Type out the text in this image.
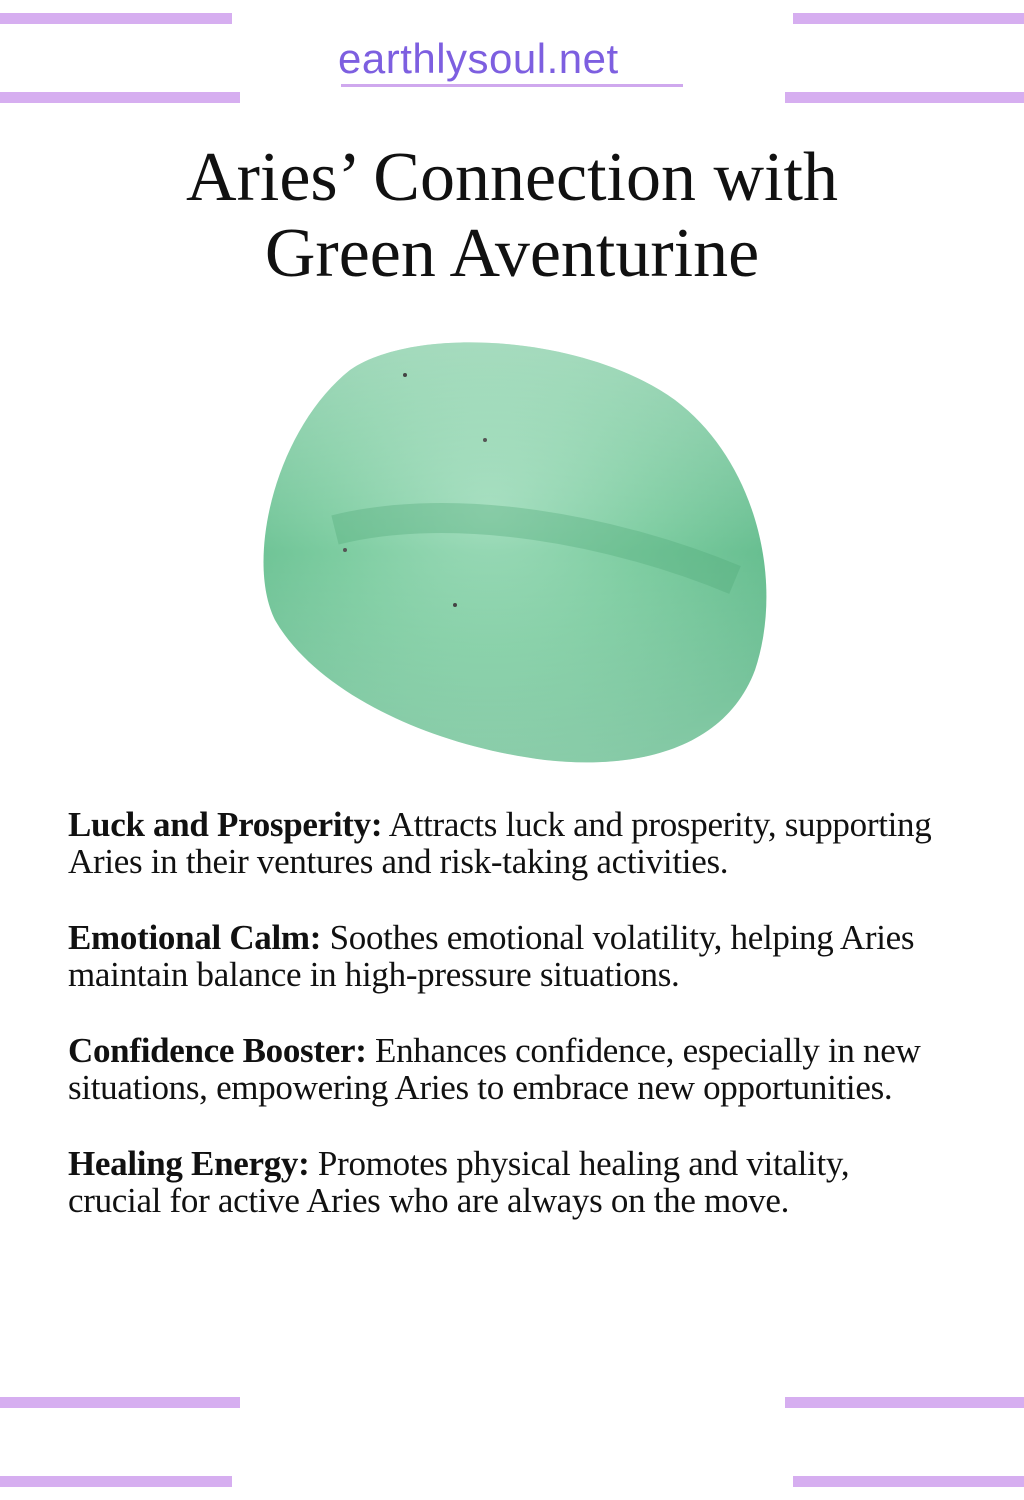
earthlysoul.net
Aries’ Connection with
Green Aventurine

Luck and Prosperity: Attracts luck and prosperity, supporting Aries in their ventures and risk-taking activities.

Emotional Calm: Soothes emotional volatility, helping Aries maintain balance in high-pressure situations.

Confidence Booster: Enhances confidence, especially in new situations, empowering Aries to embrace new opportunities.

Healing Energy: Promotes physical healing and vitality, crucial for active Aries who are always on the move.
